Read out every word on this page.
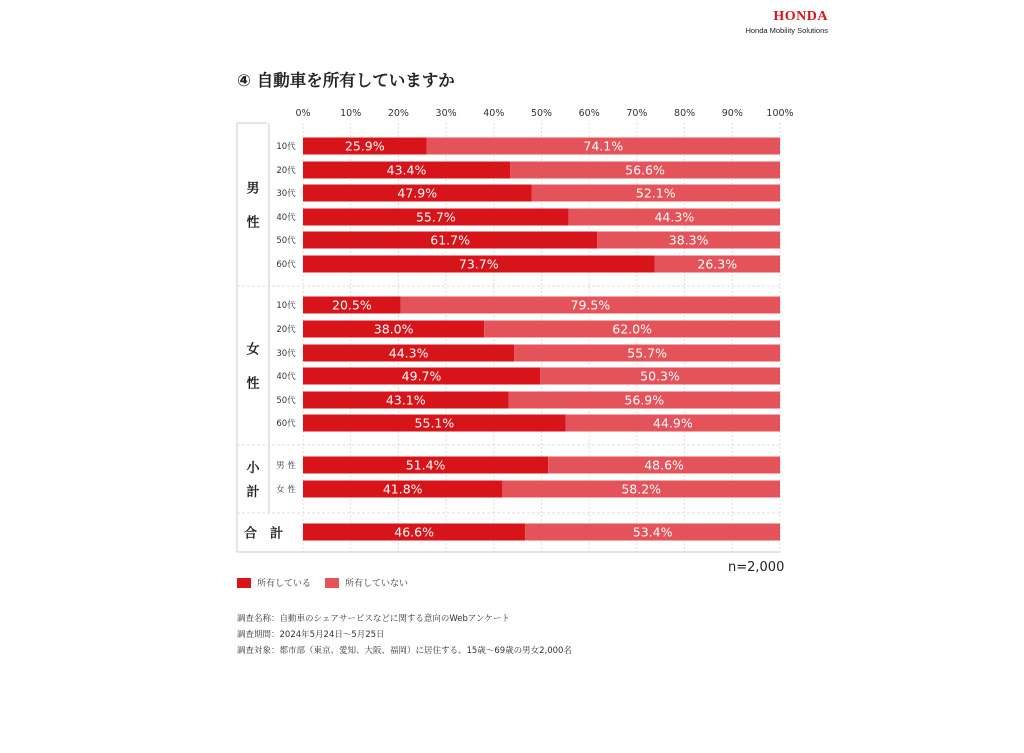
HONDA
Honda Mobility Solutions
④ 自動車を所有していますか
0%	10%	20%	30%	40%	50%	60%	70%	80%	90% 100%
男
性
10代	25.9%	74.1%
20代	43.4%	56.6%
30代	47.9%	52.1%
40代	55.7%	44.3%
50代	61.7%	38.3%
60代	73.7%	26.3%
女
性
10代	20.5%	79.5%
20代	38.0%	62.0%
30代	44.3%	55.7%
40代	49.7%	50.3%
50代	43.1%	56.9%
60代	55.1%	44.9%
小
計
男 性	51.4%	48.6%
女 性	41.8%	58.2%
合　計	46.6%	53.4%
n=2,000
所有している	所有していない
調査名称：自動車のシェアサービスなどに関する意向のWebアンケート
調査期間：2024年5月24日～5月25日
調査対象：都市部（東京、愛知、大阪、福岡）に居住する、15歳～69歳の男女2,000名
